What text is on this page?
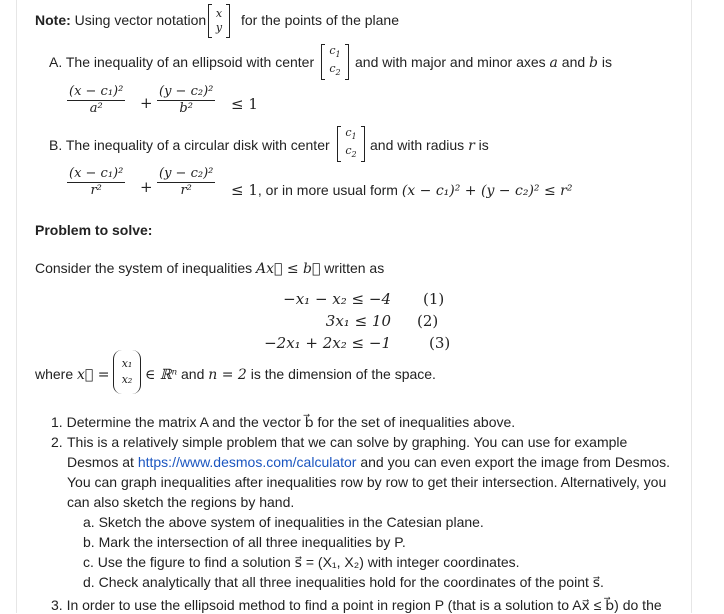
Note: Using vector notation x
y for the points of the plane
A. The inequality of an ellipsoid with center
$c_1$
$c_2$
and with major and minor axes a and b is
(x − c₁)²
a² +
(y − c₂)²
b²	≤ 1
B. The inequality of a circular disk with center
$c_1$
$c_2$
and with radius r is
(x − c₁)²
r²	+
(y − c₂)²
r²	≤ 1, or in more usual form (x − c₁)² + (y − c₂)² ≤ r²
Problem to solve:
Consider the system of inequalities Ax⃗ ≤ b⃗ written as
−x₁ − x₂ ≤ −4 (1)
3x₁ ≤ 10 (2)
−2x₁ + 2x₂ ≤ −1	(3)
where x⃗ =
x₁
x₂ ∈ ℝⁿ and n = 2 is the dimension of the space.
1. Determine the matrix A and the vector b⃗ for the set of inequalities above.
2. This is a relatively simple problem that we can solve by graphing. You can use for example
Desmos at https://www.desmos.com/calculator and you can even export the image from Desmos.
You can graph inequalities after inequalities row by row to get their intersection. Alternatively, you
can also sketch the regions by hand.
a. Sketch the above system of inequalities in the Catesian plane.
b. Mark the intersection of all three inequalities by P.
c. Use the figure to find a solution s⃗ = (X₁, X₂) with integer coordinates.
d. Check analytically that all three inequalities hold for the coordinates of the point s⃗.
3. In order to use the ellipsoid method to find a point in region P (that is a solution to Ax⃗ ≤ b⃗) do the
